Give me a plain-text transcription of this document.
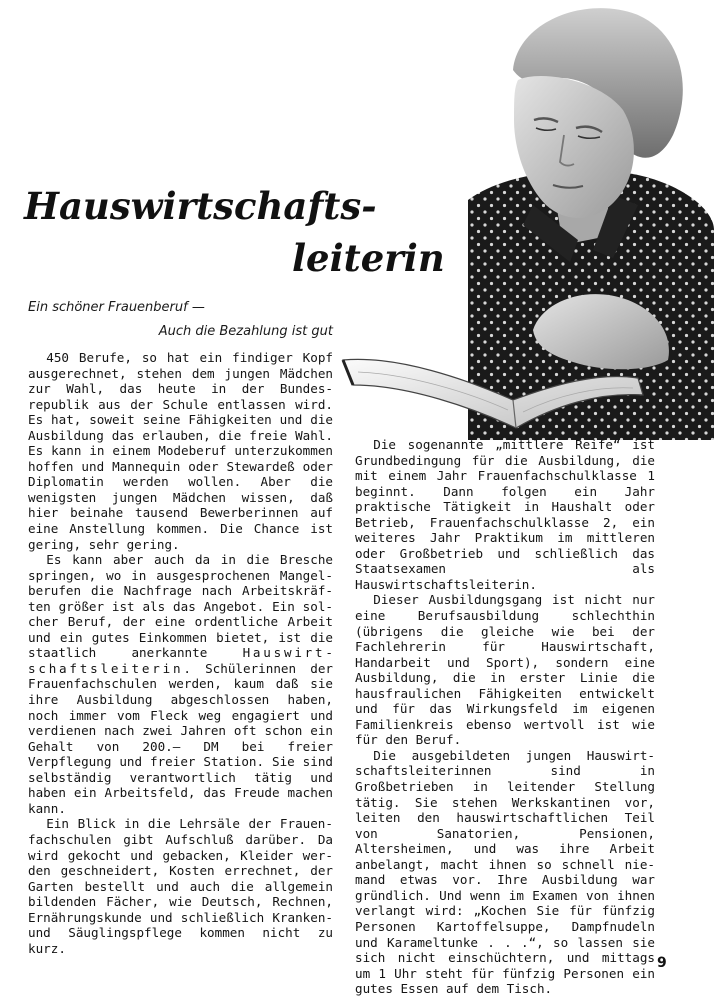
Hauswirtschafts-
leiterin
Ein schöner Frauenberuf —
Auch die Bezahlung ist gut

450 Berufe, so hat ein findiger Kopf ausgerechnet, stehen dem jungen Mädchen zur Wahl, das heute in der Bundesrepublik aus der Schule entlassen wird. Es hat, soweit seine Fähigkeiten und die Ausbildung das erlauben, die freie Wahl. Es kann in einem Modeberuf unterzukommen hoffen und Mannequin oder Stewardeß oder Diplomatin werden wollen. Aber die wenigsten jungen Mädchen wissen, daß hier beinahe tausend Bewerberinnen auf eine Anstellung kommen. Die Chance ist gering, sehr gering.

Es kann aber auch da in die Bresche springen, wo in ausgesprochenen Mangelberufen die Nachfrage nach Arbeitskräften größer ist als das Angebot. Ein solcher Beruf, der eine ordentliche Arbeit und ein gutes Einkommen bietet, ist die staatlich anerkannte	Hauswirtschaftsleiterin. Schülerinnen der Frauenfachschulen werden, kaum daß sie ihre Ausbildung abgeschlossen haben, noch immer vom Fleck weg engagiert und verdienen nach zwei Jahren oft schon ein Gehalt von 200.— DM bei freier Verpflegung und freier Station. Sie sind selbständig verantwortlich tätig und haben ein Arbeitsfeld, das Freude machen kann.

Ein Blick in die Lehrsäle der Frauenfachschulen gibt Aufschluß darüber. Da wird gekocht und gebacken, Kleider werden geschneidert, Kosten errechnet, der Garten bestellt und auch die allgemein bildenden Fächer, wie Deutsch, Rechnen, Ernährungskunde und schließlich Kranken- und Säuglingspflege kommen nicht zu kurz.

Die sogenannte „mittlere Reife“ ist Grundbedingung für die Ausbildung, die mit einem Jahr Frauenfachschulklasse 1 beginnt. Dann folgen ein Jahr praktische Tätigkeit in Haushalt oder Betrieb, Frauenfachschulklasse 2, ein weiteres Jahr Praktikum im mittleren oder Großbetrieb und schließlich das Staatsexamen als Hauswirtschaftsleiterin.

Dieser Ausbildungsgang ist nicht nur eine Berufsausbildung schlechthin (übrigens die gleiche wie bei der Fachlehrerin für Hauswirtschaft, Handarbeit und Sport), sondern eine Ausbildung, die in erster Linie die hausfraulichen Fähigkeiten entwickelt und für das Wirkungsfeld im eigenen Familienkreis ebenso wertvoll ist wie für den Beruf.

Die ausgebildeten jungen Hauswirtschaftsleiterinnen sind in Großbetrieben in leitender Stellung tätig. Sie stehen Werkskantinen vor, leiten den hauswirtschaftlichen Teil von Sanatorien, Pensionen, Altersheimen, und was ihre Arbeit anbelangt, macht ihnen so schnell niemand etwas vor. Ihre Ausbildung war gründlich. Und wenn im Examen von ihnen verlangt wird: „Kochen Sie für fünfzig Personen Kartoffelsuppe, Dampfnudeln und Karameltunke . . .“, so lassen sie sich nicht einschüchtern, und mittags um 1 Uhr steht für fünfzig Personen ein gutes Essen auf dem Tisch.

9
